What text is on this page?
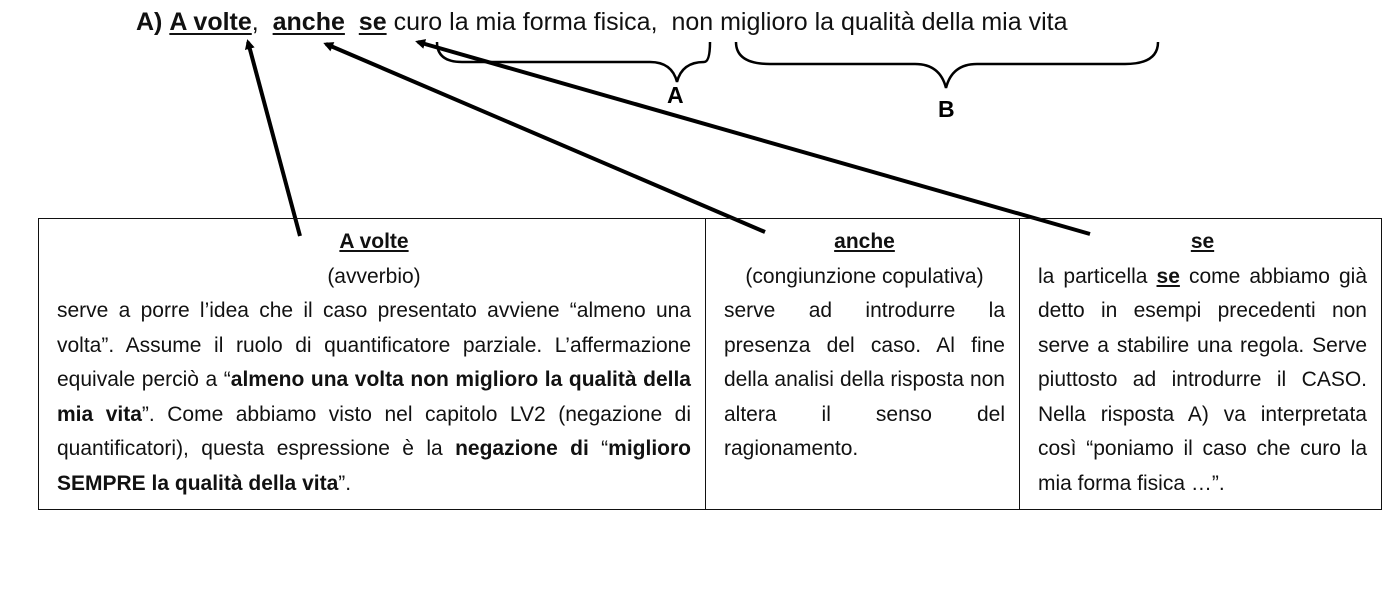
A) A volte, anche se curo la mia forma fisica, non miglioro la qualità della mia vita
A
B
A volte
(avverbio)
serve a porre l’idea che il caso presentato avviene “almeno una volta”. Assume il ruolo di quantificatore parziale. L’affermazione equivale perciò a “almeno una volta non miglioro la qualità della mia vita”. Come abbiamo visto nel capitolo LV2 (negazione di quantificatori), questa espressione è la negazione di “miglioro SEMPRE la qualità della vita”.

anche
(congiunzione copulativa)
serve ad introdurre la presenza del caso. Al fine della analisi della risposta non altera il senso del ragionamento.

se
la particella se come abbiamo già detto in esempi precedenti non serve a stabilire una regola. Serve piuttosto ad introdurre il CASO. Nella risposta A) va interpretata così “poniamo il caso che curo la mia forma fisica …”.
